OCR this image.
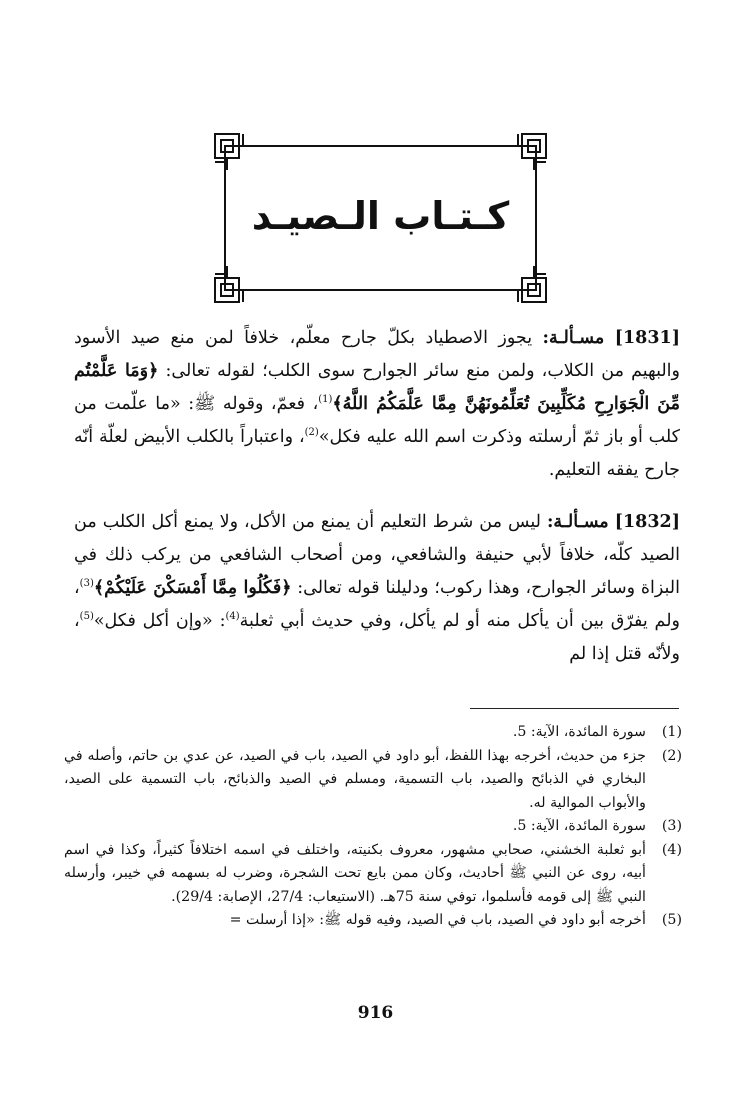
كـتـاب الـصيـد

[1831] مسـألـة: يجوز الاصطياد بكلّ جارح معلّم، خلافاً لمن منع صيد الأسود والبهيم من الكلاب، ولمن منع سائر الجوارح سوى الكلب؛ لقوله تعالى: ﴿وَمَا عَلَّمْتُم مِّنَ الْجَوَارِحِ مُكَلِّبِينَ تُعَلِّمُونَهُنَّ مِمَّا عَلَّمَكُمُ اللَّهُ﴾$^{(1)}$، فعمّ، وقوله ﷺ: «ما علّمت من كلب أو باز ثمّ أرسلته وذكرت اسم الله عليه فكل»$^{(2)}$، واعتباراً بالكلب الأبيض لعلّة أنّه جارح يفقه التعليم.

[1832] مسـألـة: ليس من شرط التعليم أن يمنع من الأكل، ولا يمنع أكل الكلب من الصيد كلّه، خلافاً لأبي حنيفة والشافعي، ومن أصحاب الشافعي من يركب ذلك في البزاة وسائر الجوارح، وهذا ركوب؛ ودليلنا قوله تعالى: ﴿فَكُلُوا مِمَّا أَمْسَكْنَ عَلَيْكُمْ﴾$^{(3)}$، ولم يفرّق بين أن يأكل منه أو لم يأكل، وفي حديث أبي ثعلبة$^{(4)}$: «وإن أكل فكل»$^{(5)}$، ولأنّه قتل إذا لم

(1)
سورة المائدة، الآية: 5.
(2)
جزء من حديث، أخرجه بهذا اللفظ، أبو داود في الصيد، باب في الصيد، عن عدي بن حاتم، وأصله في البخاري في الذبائح والصيد، باب التسمية، ومسلم في الصيد والذبائح، باب التسمية على الصيد، والأبواب الموالية له.
(3)
سورة المائدة، الآية: 5.
(4)
أبو ثعلبة الخشني، صحابي مشهور، معروف بكنيته، واختلف في اسمه اختلافاً كثيراً، وكذا في اسم أبيه، روى عن النبي ﷺ أحاديث، وكان ممن بايع تحت الشجرة، وضرب له بسهمه في خيبر، وأرسله النبي ﷺ إلى قومه فأسلموا، توفي سنة 75هـ. (الاستيعاب: 27/4، الإصابة: 29/4).
(5)
أخرجه أبو داود في الصيد، باب في الصيد، وفيه قوله ﷺ: «إذا أرسلت =
916
